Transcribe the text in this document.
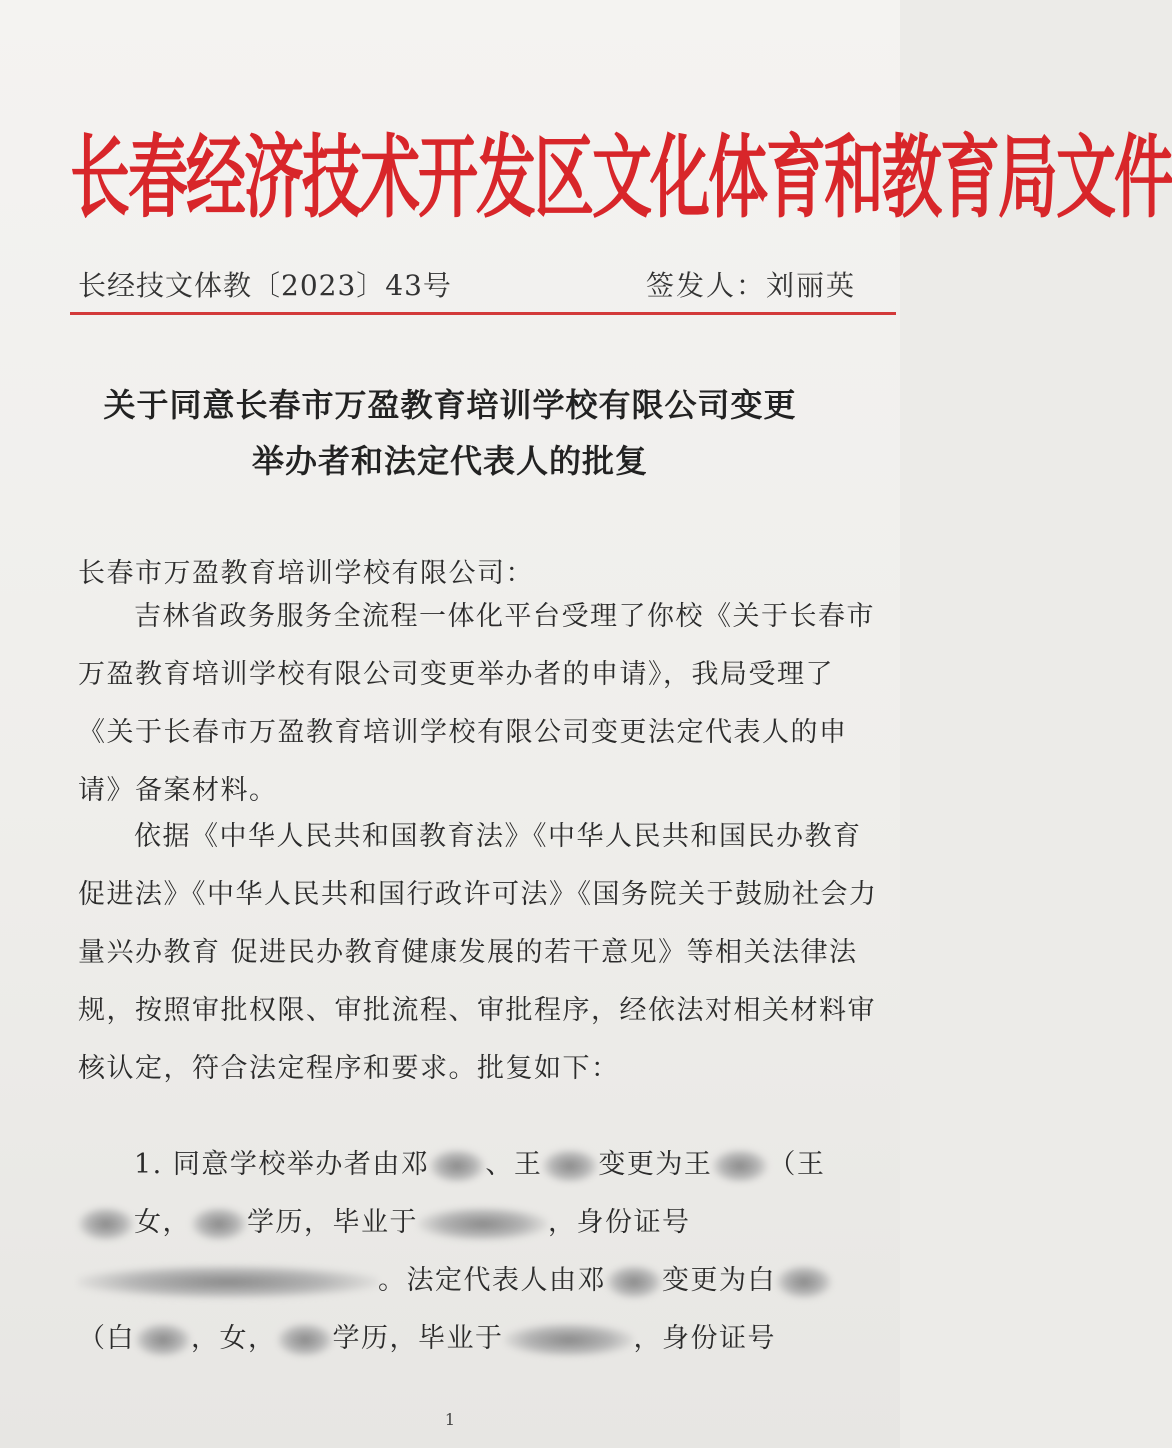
长春经济技术开发区文化体育和教育局文件
长经技文体教〔2023〕43号	签发人：刘丽英
关于同意长春市万盈教育培训学校有限公司变更
举办者和法定代表人的批复
长春市万盈教育培训学校有限公司：
吉林省政务服务全流程一体化平台受理了你校《关于长春市万盈教育培训学校有限公司变更举办者的申请》，我局受理了《关于长春市万盈教育培训学校有限公司变更法定代表人的申请》备案材料。
依据《中华人民共和国教育法》《中华人民共和国民办教育促进法》《中华人民共和国行政许可法》《国务院关于鼓励社会力量兴办教育 促进民办教育健康发展的若干意见》等相关法律法规，按照审批权限、审批流程、审批程序，经依法对相关材料审核认定，符合法定程序和要求。批复如下：
1. 同意学校举办者由邓 、王 变更为王 （王
女， 学历，毕业于	，身份证号
。法定代表人由邓 变更为白
（白 ，女， 学历，毕业于	，身份证号
1
